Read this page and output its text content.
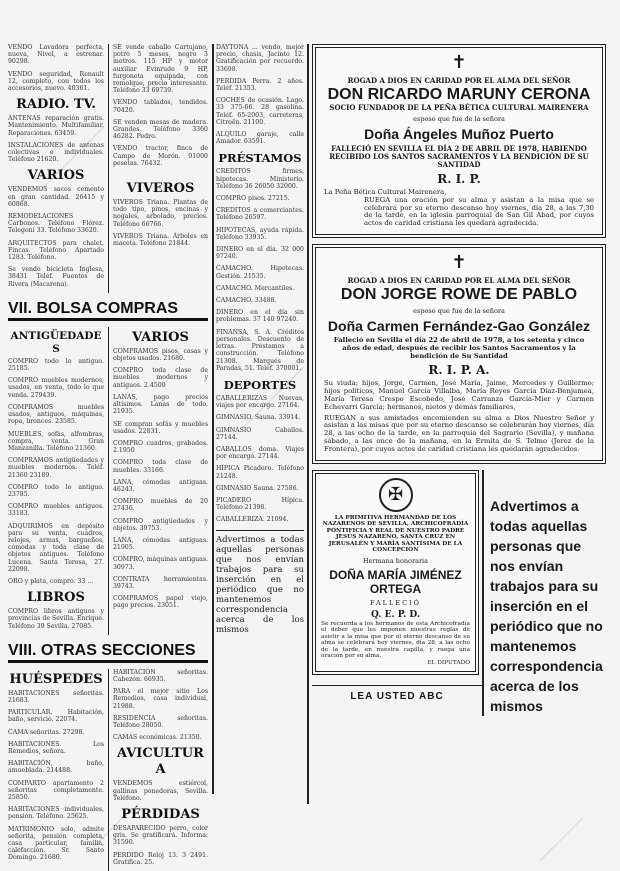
VENDO Lavadora perfecta, nueva, Nivel, a estrenar. 90298.
VENDO seguridad, Renault 12, completo, con todos los accesorios, nuevo. 40361.
RADIO. TV.
ANTENAS reparación gratis. Mantenimiento. Multifamiliar. Reparaciones. 63459.
INSTALACIONES de antenas colectivas e individuales. Teléfono 21620.
VARIOS
VENDEMOS sacos cemento en gran cantidad. 26415 y 60868.
REMODELACIONES Carbonos. Teléfono Flórez. Telegoní 33. Teléfono 33620.
ARQUITECTOS para chalet. Fincas. Teléfono Apartado 1283. Teléfono.
Se vende bicicleta Inglesa, 38431 Teléf. Fuentes de Rivera (Macarena).
SE vende caballo Cartujano, potro 5 meses, negro 3 metros. 115 HP y motor auxiliar Evinrude 9 HP, furgoneta equipada, con remolque, precio interesante. Teléfono 33 69739.
VENDO tablados, tendidos. 70420.
SE venden mesas de madera. Grandes. Teléfono 3360 46282. Pedro.
VENDO tractor, finca de Campo de Morón. 91000 pesetas. 76432.
VIVEROS
VIVEROS Triana. Plantas de todo tipo, pinos, encinas y nogales, arbolado, precios. Teléfono 66766.
VIVEROS Triana. Árboles en maceta. Teléfono 21844.
VII. BOLSA COMPRAS
ANTIGÜEDADES
COMPRO todo lo antiguo. 25185.
COMPRO muebles modernos, usados, en venta, todo lo que venda. 279439.
COMPRAMOS muebles usados, antiguos, máquinas, ropa, bronces. 23585.
MUEBLES, sofás, alfombras, compra, venta. Gran Manzanilla. Teléfono 21360.
COMPRAMOS antigüedades y muebles modernos. Teléf. 21360 23189.
COMPRO todo lo antiguo. 23785.
COMPRO muebles antiguos. 33183.
ADQUIRIMOS en depósito para su venta, cuadros, relojes, armas, bargueños, cómodas y toda clase de objetos antiguos. Teléfono Lucena. Santa Teresa, 27. 22098.
ORO y plata, compro. 33 ...
LIBROS
COMPRO libros antiguos y provincias de Sevilla. Enrique. Teléfono 39 Sevilla. 27085.
VARIOS
COMPRAMOS pisos, casas y objetos usados. 21680.
COMPRO toda clase de muebles modernos y antiguos. 2.4500
LANAS, pago precios altísimos. Lanas de todo. 21935.
SE compran sofás y muebles usados. 22831.
COMPRO cuadros, grabados. 2.1950
COMPRO toda clase de muebles. 33166.
LANA, cómodas antiguas. 46243.
COMPRO muebles de 20 27436.
COMPRO antigüedades y objetos. 39753.
LANA, cómodas antiguas. 21905.
COMPRO, máquinas antiguas. 30973.
CONTRATA herramientas. 39743.
COMPRAMOS papel viejo, pago precios. 23051.
VIII. OTRAS SECCIONES
HUÉSPEDES
HABITACIONES señoritas. 21683.
PARTICULAR. Habitación, baño, servicio. 22074.
CAMA señoritas. 27298.
HABITACIONES. Los Remedios, señora.
HABITACIÓN, baño, amueblada. 214488.
COMPARTO apartamento 2 señoritas completamente. 25850.
HABITACIONES individuales, pensión. Teléfono. 25625.
MATRIMONIO solo, admite señorita, pensión completa, casa particular, familia, calefacción. Sr. Santo Domingo. 21680.
HABITACIÓN señoritas. Cabezón. 66935.
PARA el mejor sitio Los Remedios, casa individual, 21988.
RESIDENCIA señoritas. Teléfono 28050.
CAMAS económicas. 21350.
AVICULTURA
VENDEMOS estiércol, gallinas ponedoras, Sevilla. Teléfono.
PÉRDIDAS
DESAPARECIDO perro, color gris. Se gratificará. Informa: 31590.
PERDIDO Reloj 13. 3 2491. Gratifica. 25.
DAYTONA ... vendo, mejor precio, chasis, Jacinto 12. Gratificación por recuerdo. 33698.
PERDIDA Perra. 2 años. Teléf. 21353.
COCHES de ocasión. Lago. 33 375-66. 28 gasolina. Teléf. 65-2003, carreteras, Citroën. 21100.
ALQUILO garaje, calle Amador. 63591.
PRÉSTAMOS
CREDITOS firmes, hipotecas. Ministerio. Teléfono 36 26050 32000.
COMPRO pisos. 27215.
CREDITOS a comerciantes. Teléfono 26597.
HIPOTECAS, ayuda rápida. Teléfono 33935.
DINERO en el día. 32 000 97240.
CAMACHO. Hipotecas. Gestión. 21535.
CAMACHO. Mercantiles.
CAMACHO. 33488.
DINERO en el día sin problemas. 37 140 97240.
FINANSA, S. A. Créditos personales. Descuento de letras. Préstamos a construcción. Teléfono 21308. Marqués de Paradas, 51. Teléf. 370001.
DEPORTES
CABALLERIZAS Nuevas, viajes por encargo. 27164.
GIMNASIO. Sauna. 33914.
GIMNASIO Caballos. 27144.
CABALLOS doma. Viajes por encargo. 27144.
HÍPICA Picadero. Teléfono 21248.
GIMNASIO Sauna. 27586.
PICADERO Hípica. Teléfono 21398.
CABALLERIZA. 21094.
Advertimos a todas aquellas personas que nos envían trabajos para su inserción en el periódico que no mantenemos correspondencia acerca de los mismos
✝
ROGAD A DIOS EN CARIDAD POR EL ALMA DEL SEÑOR
DON RICARDO MARUNY CERONA
SOCIO FUNDADOR DE LA PEÑA BÉTICA CULTURAL MAIRENERA
esposo que fue de la señora
Doña Ángeles Muñoz Puerto
FALLECIÓ EN SEVILLA EL DÍA 2 DE ABRIL DE 1978, HABIENDO RECIBIDO LOS SANTOS SACRAMENTOS Y LA BENDICIÓN DE SU SANTIDAD
R. I. P.
La Peña Bética Cultural Mairenera,
RUEGA una oración por su alma y asistan a la misa que se celebrará por su eterno descanso hoy viernes, día 28, a las 7,30 de la tarde, en la iglesia parroquial de San Gil Abad, por cuyos actos de caridad cristiana les quedará agradecida.
✝
ROGAD A DIOS EN CARIDAD POR EL ALMA DEL SEÑOR
DON JORGE ROWE DE PABLO
esposo que fue de la señora
Doña Carmen Fernández-Gao González
Falleció en Sevilla el día 22 de abril de 1978, a los setenta y cinco años de edad, después de recibir los Santos Sacramentos y la bendición de Su Santidad
R. I. P. A.
Su viuda; hijos, Jorge, Carmen, José María, Jaime, Mercedes y Guillermo; hijos políticos, Manuel García Villalba, María Reyes García Díaz-Benjumea, María Teresa Crespo Escobedo, José Carranza García-Mier y Carmen Echevarri García; hermanos, nietos y demás familiares,
RUEGAN a sus amistades encomienden su alma a Dios Nuestro Señor y asistan a las misas que por su eterno descanso se celebrarán hoy viernes, día 28, a las ocho de la tarde, en la parroquia del Sagrario (Sevilla), y mañana sábado, a las once de la mañana, en la Ermita de S. Telmo (Jerez de la Frontera), por cuyos actos de caridad cristiana les quedarán agradecidos.
✠
LA PRIMITIVA HERMANDAD DE LOS NAZARENOS DE SEVILLA, ARCHICOFRADÍA PONTIFICIA Y REAL DE NUESTRO PADRE JESÚS NAZARENO, SANTA CRUZ EN JERUSALÉN Y MARÍA SANTÍSIMA DE LA CONCEPCIÓN
Hermana honoraria
DOÑA MARÍA JIMÉNEZ ORTEGA
FALLECIÓ
Q. E. P. D.
Se recuerda a los hermanos de esta Archicofradía el deber que les imponen nuestras reglas de asistir a la misa que por el eterno descanso de su alma se celebrará hoy viernes, día 28, a las ocho de la tarde, en nuestra capilla, y ruega una oración por su alma.
EL DIPUTADO
LEA USTED ABC
Advertimos a todas aquellas personas que nos envían trabajos para su inserción en el periódico que no mantenemos correspondencia acerca de los mismos
